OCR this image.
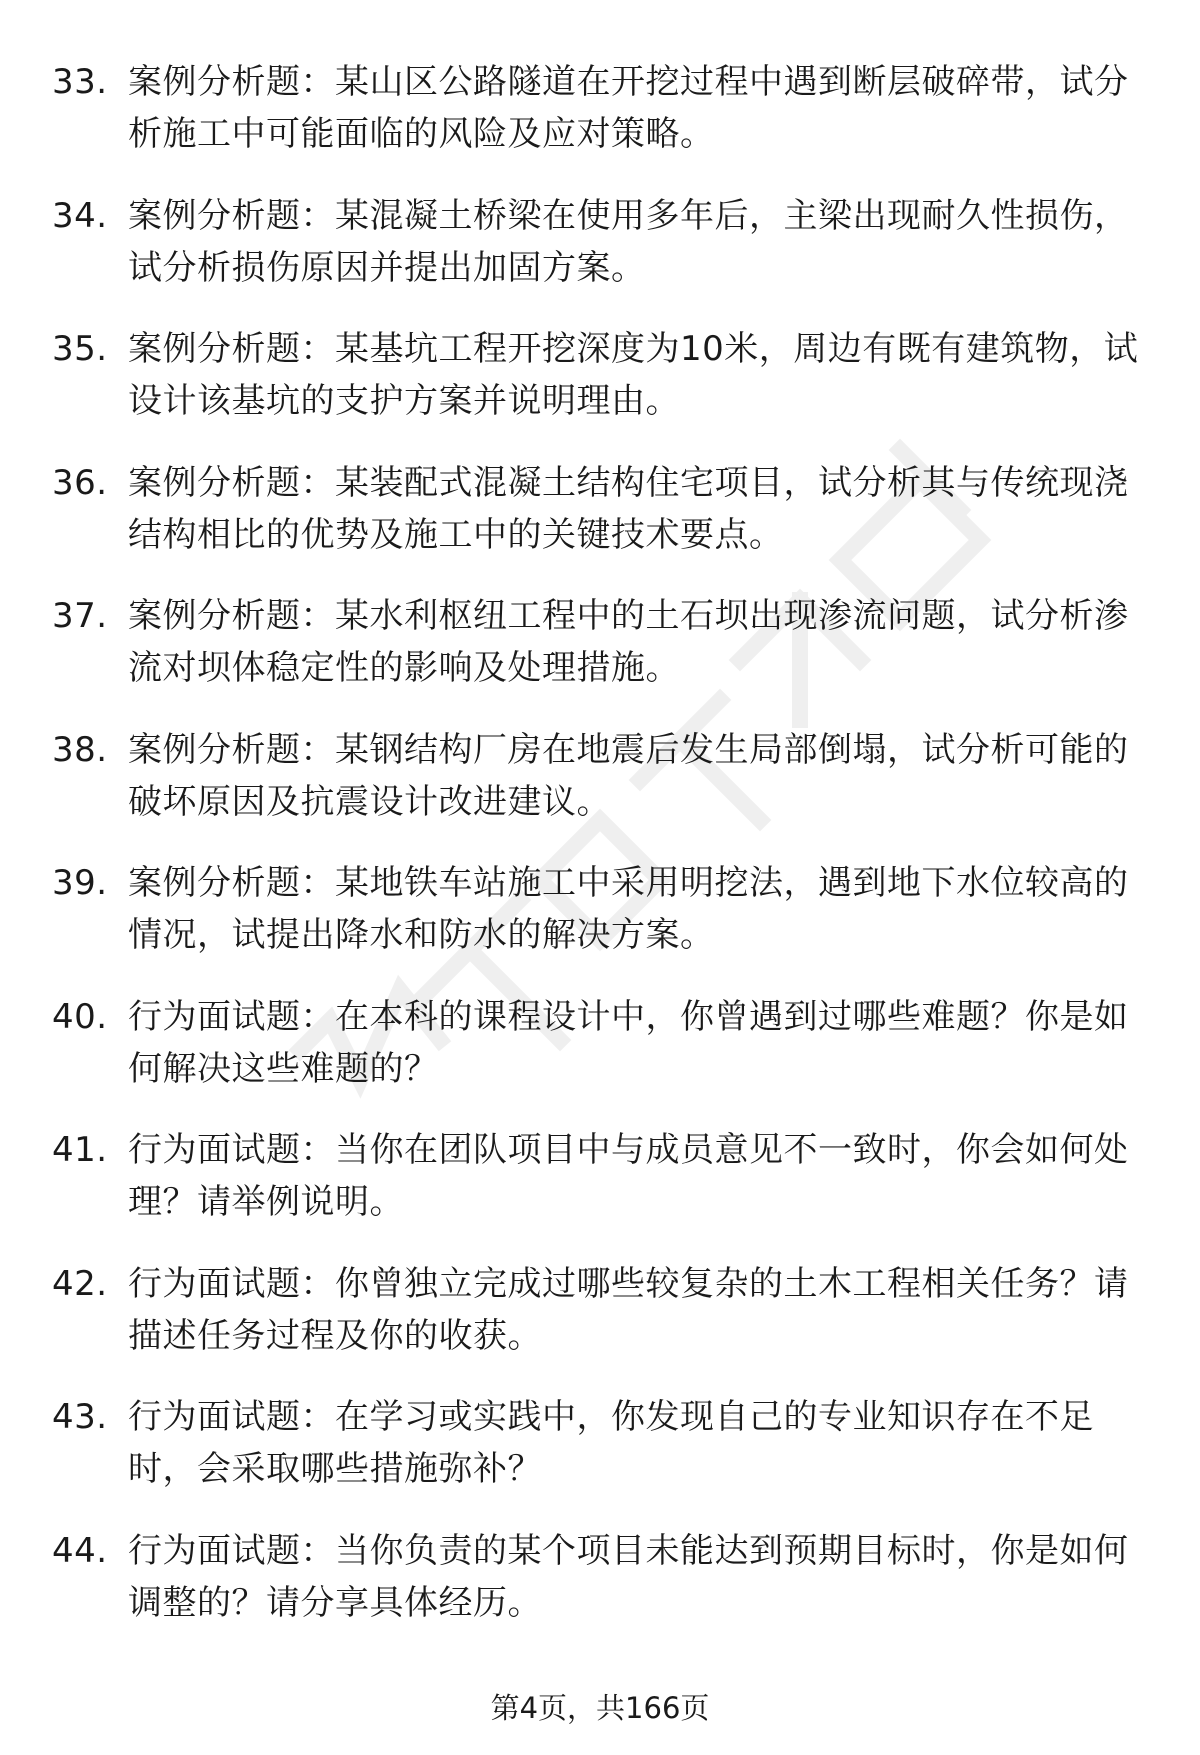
33. 案例分析题：某山区公路隧道在开挖过程中遇到断层破碎带，试分析施工中可能面临的风险及应对策略。
34. 案例分析题：某混凝土桥梁在使用多年后，主梁出现耐久性损伤，试分析损伤原因并提出加固方案。
35. 案例分析题：某基坑工程开挖深度为10米，周边有既有建筑物，试设计该基坑的支护方案并说明理由。
36. 案例分析题：某装配式混凝土结构住宅项目，试分析其与传统现浇结构相比的优势及施工中的关键技术要点。
37. 案例分析题：某水利枢纽工程中的土石坝出现渗流问题，试分析渗流对坝体稳定性的影响及处理措施。
38. 案例分析题：某钢结构厂房在地震后发生局部倒塌，试分析可能的破坏原因及抗震设计改进建议。
39. 案例分析题：某地铁车站施工中采用明挖法，遇到地下水位较高的情况，试提出降水和防水的解决方案。
40. 行为面试题：在本科的课程设计中，你曾遇到过哪些难题？你是如何解决这些难题的？
41. 行为面试题：当你在团队项目中与成员意见不一致时，你会如何处理？请举例说明。
42. 行为面试题：你曾独立完成过哪些较复杂的土木工程相关任务？请描述任务过程及你的收获。
43. 行为面试题：在学习或实践中，你发现自己的专业知识存在不足时，会采取哪些措施弥补？
44. 行为面试题：当你负责的某个项目未能达到预期目标时，你是如何调整的？请分享具体经历。
第4页，共166页
